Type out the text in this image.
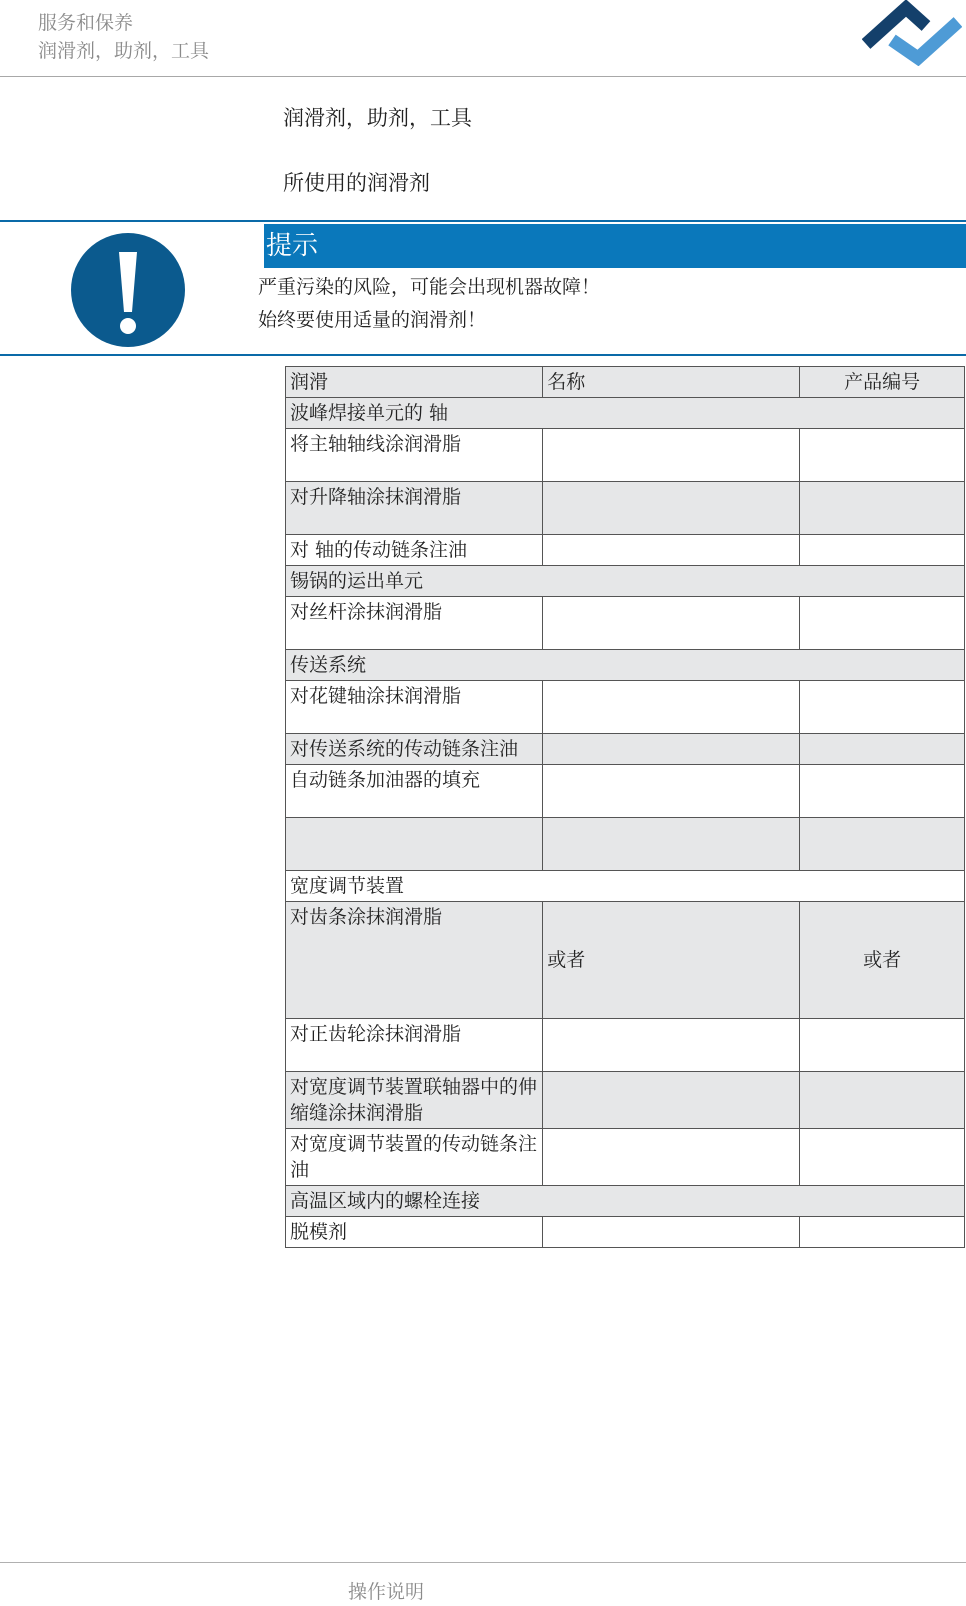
服务和保养
润滑剂，助剂，工具
润滑剂，助剂，工具
所使用的润滑剂
提示
严重污染的风险，可能会出现机器故障！
始终要使用适量的润滑剂！
润滑	名称	产品编号
波峰焊接单元的 轴		
将主轴轴线涂润滑脂		
对升降轴涂抹润滑脂		
对 轴的传动链条注油		
锡锅的运出单元		
对丝杆涂抹润滑脂		
传送系统		
对花键轴涂抹润滑脂		
对传送系统的传动链条注油		
自动链条加油器的填充		

宽度调节装置		
对齿条涂抹润滑脂	或者	或者
对正齿轮涂抹润滑脂		
对宽度调节装置联轴器中的伸缩缝涂抹润滑脂		
对宽度调节装置的传动链条注油		
高温区域内的螺栓连接		
脱模剂		
操作说明
